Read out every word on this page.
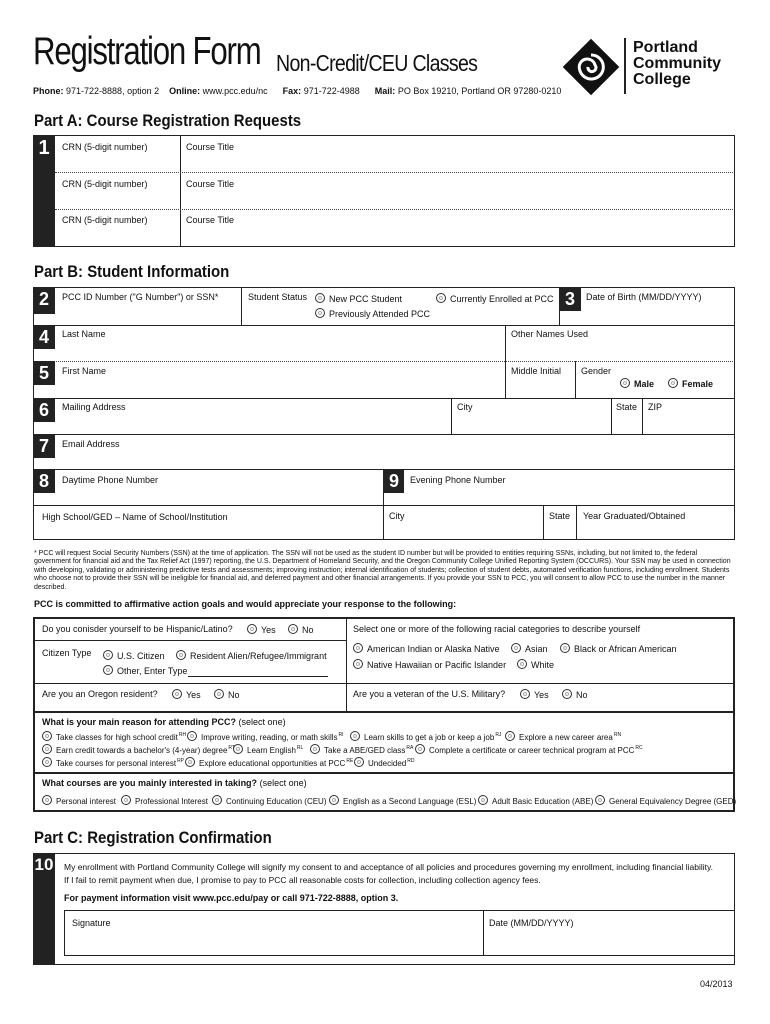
Registration Form Non-Credit/CEU Classes
Phone: 971-722-8888, option 2 Online: www.pcc.edu/nc Fax: 971-722-4988 Mail: PO Box 19210, Portland OR 97280-0210
Portland
Community
College
Part A: Course Registration Requests
1	CRN (5-digit number)	Course Title
CRN (5-digit number)	Course Title
CRN (5-digit number)	Course Title
Part B: Student Information
2	PCC ID Number ("G Number") or SSN*	Student Status	New PCC Student	Currently Enrolled at PCC
Previously Attended PCC
3	Date of Birth (MM/DD/YYYY)
4	Last Name	Other Names Used
5	First Name	Middle Initial Gender
Male	Female
6	Mailing Address	City	State ZIP
7	Email Address
8	Daytime Phone Number	9	Evening Phone Number
High School/GED – Name of School/Institution	City	State Year Graduated/Obtained
* PCC will request Social Security Numbers (SSN) at the time of application. The SSN will not be used as the student ID number but will be provided to entities requiring SSNs, including, but not limited to, the federal government for financial aid and the Tax Relief Act (1997) reporting, the U.S. Department of Homeland Security, and the Oregon Community College Unified Reporting System (OCCURS). Your SSN may be used in connection with developing, validating or administering predictive tests and assessments; improving instruction; internal identification of students; collection of student debts, automated verification functions, including enrollment. Students who choose not to provide their SSN will be ineligible for financial aid, and deferred payment and other financial arrangements. If you provide your SSN to PCC, you will consent to allow PCC to use the number in the manner described.
PCC is committed to affirmative action goals and would appreciate your response to the following:
Do you conisder yourself to be Hispanic/Latino?	Yes	No	Select one or more of the following racial categories to describe yourself
Citizen Type	U.S. Citizen	Resident Alien/Refugee/Immigrant
Other, Enter Type
American Indian or Alaska Native	Asian	Black or African American
Native Hawaiian or Pacific Islander	White
Are you an Oregon resident?	Yes	No	Are you a veteran of the U.S. Military?	Yes	No
What is your main reason for attending PCC? (select one)
Take classes for high school credit$^{RH}$	Improve writing, reading, or math skills$^{RI}$	Learn skills to get a job or keep a job$^{RJ}$	Explore a new career area$^{RN}$
Earn credit towards a bachelor's (4-year) degree$^{RT}$	Learn English$^{RL}$	Take a ABE/GED class$^{RA}$	Complete a certificate or career technical program at $PCC^{RC}$
Take courses for personal interest$^{RP}$	Explore educational opportunities at $PCC^{RE}$	Undecided$^{RD}$
What courses are you mainly interested in taking? (select one)
Personal interest	Professional Interest	Continuing Education (CEU)	English as a Second Language (ESL)	Adult Basic Education (ABE)	General Equivalency Degree (GED)
Part C: Registration Confirmation
10 My enrollment with Portland Community College will signify my consent to and acceptance of all policies and procedures governing my enrollment, including financial liability.
If I fail to remit payment when due, I promise to pay to PCC all reasonable costs for collection, including collection agency fees.
For payment information visit www.pcc.edu/pay or call 971-722-8888, option 3.
Signature	Date (MM/DD/YYYY)
04/2013
